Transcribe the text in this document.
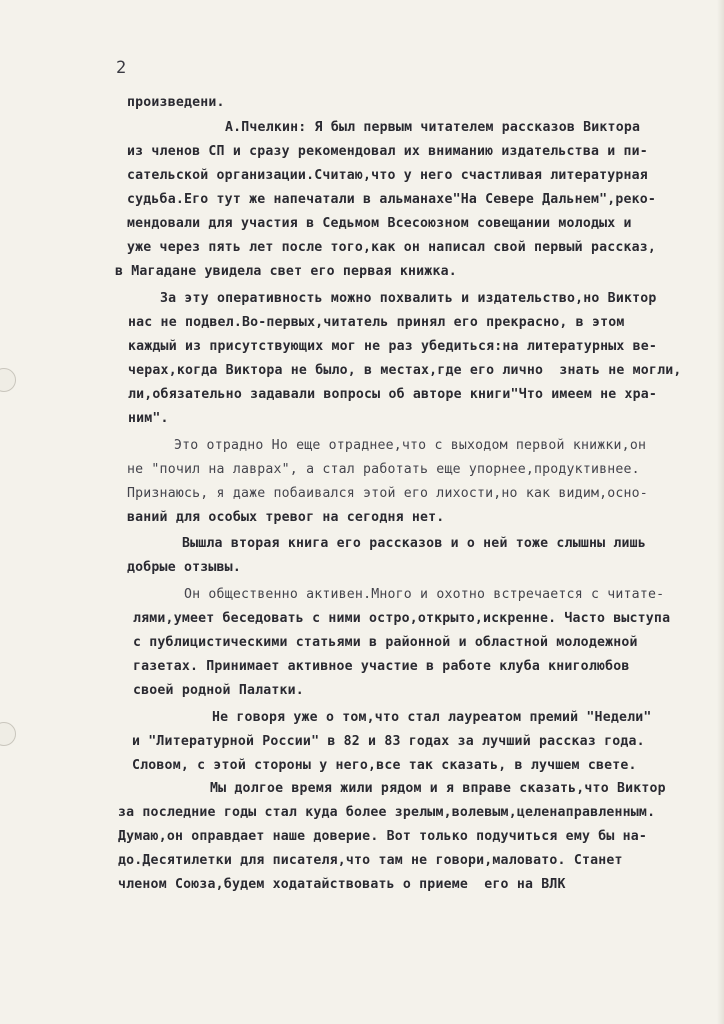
2
произведени.
А.Пчелкин: Я был первым читателем рассказов Виктора
из членов СП и сразу рекомендовал их вниманию издательства и пи-
сательской организации.Считаю,что у него счастливая литературная
судьба.Его тут же напечатали в альманахе"На Севере Дальнем",реко-
мендовали для участия в Седьмом Всесоюзном совещании молодых и
уже через пять лет после того,как он написал свой первый рассказ,
в Магадане увидела свет его первая книжка.
За эту оперативность можно похвалить и издательство,но Виктор
нас не подвел.Во-первых,читатель принял его прекрасно, в этом
каждый из присутствующих мог не раз убедиться:на литературных ве-
черах,когда Виктора не было, в местах,где его лично  знать не могли,
ли,обязательно задавали вопросы об авторе книги"Что имеем не хра-
ним".
Это отрадно Но еще отраднее,что с выходом первой книжки,он
не "почил на лаврах", а стал работать еще упорнее,продуктивнее.
Признаюсь, я даже побаивался этой его лихости,но как видим,осно-
ваний для особых тревог на сегодня нет.
Вышла вторая книга его рассказов и о ней тоже слышны лишь
добрые отзывы.
Он общественно активен.Много и охотно встречается с читате-
лями,умеет беседовать с ними остро,открыто,искренне. Часто выступа
с публицистическими статьями в районной и областной молодежной
газетах. Принимает активное участие в работе клуба книголюбов
своей родной Палатки.
Не говоря уже о том,что стал лауреатом премий "Недели"
и "Литературной России" в 82 и 83 годах за лучший рассказ года.
Словом, с этой стороны у него,все так сказать, в лучшем свете.
Мы долгое время жили рядом и я вправе сказать,что Виктор
за последние годы стал куда более зрелым,волевым,целенаправленным.
Думаю,он оправдает наше доверие. Вот только подучиться ему бы на-
до.Десятилетки для писателя,что там не говори,маловато. Станет
членом Союза,будем ходатайствовать о приеме  его на ВЛК
